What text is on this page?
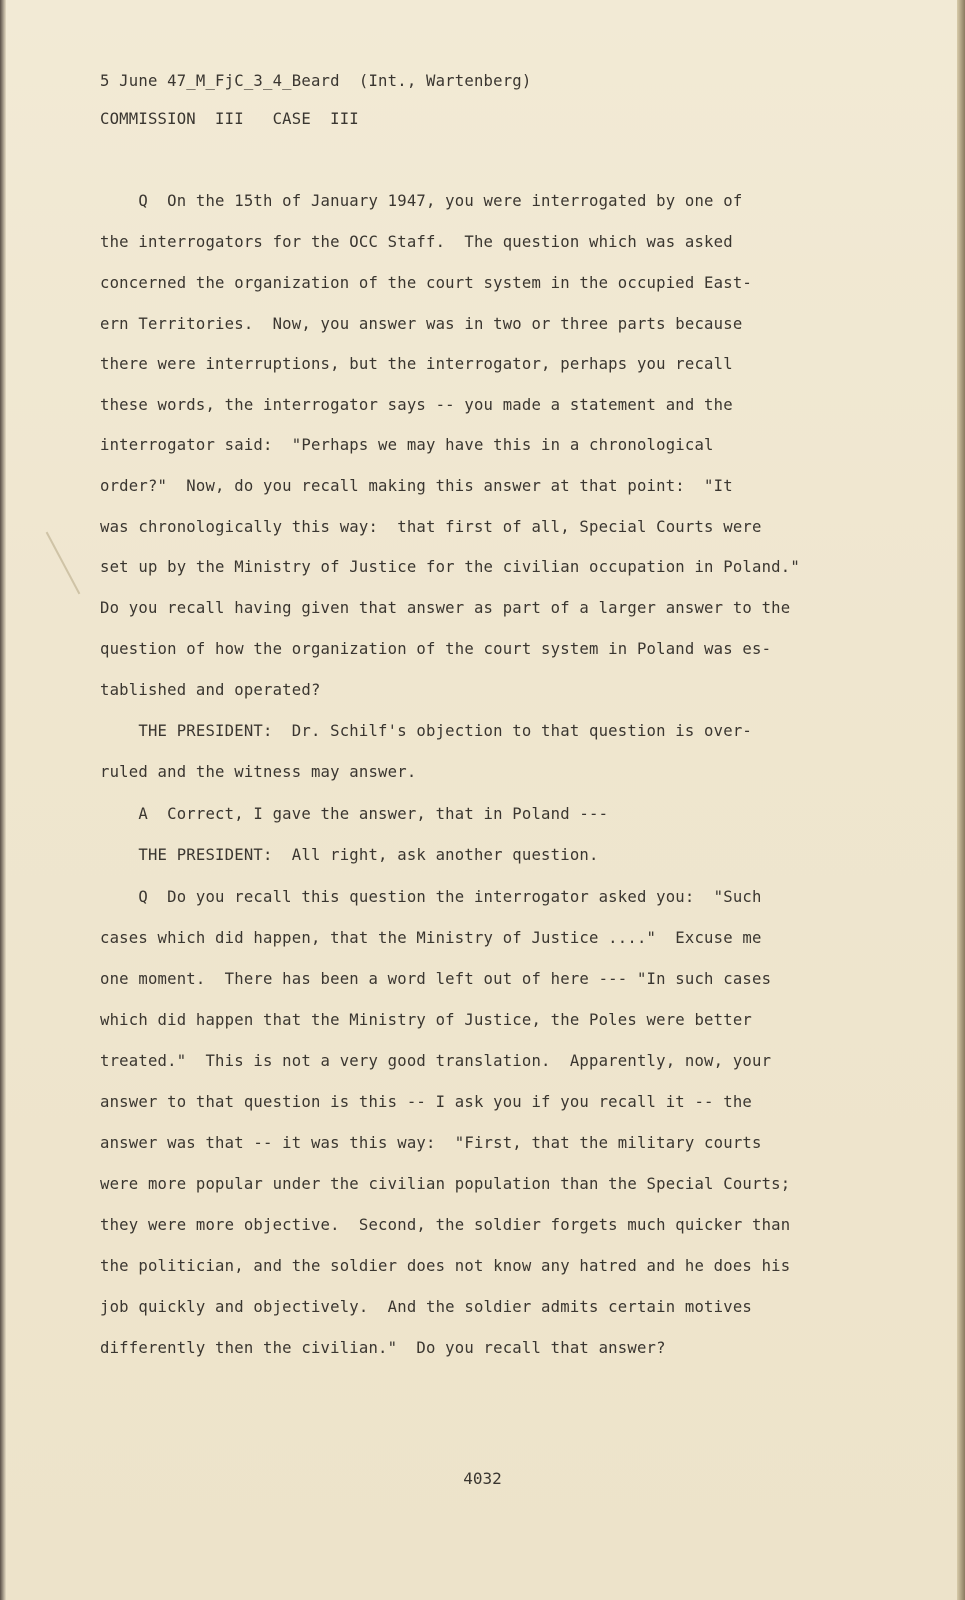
5 June 47_M_FjC_3_4_Beard  (Int., Wartenberg)
COMMISSION  III   CASE  III
Q  On the 15th of January 1947, you were interrogated by one of
the interrogators for the OCC Staff.  The question which was asked
concerned the organization of the court system in the occupied East-
ern Territories.  Now, you answer was in two or three parts because
there were interruptions, but the interrogator, perhaps you recall
these words, the interrogator says -- you made a statement and the
interrogator said:  "Perhaps we may have this in a chronological
order?"  Now, do you recall making this answer at that point:  "It
was chronologically this way:  that first of all, Special Courts were
set up by the Ministry of Justice for the civilian occupation in Poland."
Do you recall having given that answer as part of a larger answer to the
question of how the organization of the court system in Poland was es-
tablished and operated?
THE PRESIDENT:  Dr. Schilf's objection to that question is over-
ruled and the witness may answer.
A  Correct, I gave the answer, that in Poland ---
THE PRESIDENT:  All right, ask another question.
Q  Do you recall this question the interrogator asked you:  "Such
cases which did happen, that the Ministry of Justice ...."  Excuse me
one moment.  There has been a word left out of here --- "In such cases
which did happen that the Ministry of Justice, the Poles were better
treated."  This is not a very good translation.  Apparently, now, your
answer to that question is this -- I ask you if you recall it -- the
answer was that -- it was this way:  "First, that the military courts
were more popular under the civilian population than the Special Courts;
they were more objective.  Second, the soldier forgets much quicker than
the politician, and the soldier does not know any hatred and he does his
job quickly and objectively.  And the soldier admits certain motives
differently then the civilian."  Do you recall that answer?
4032
